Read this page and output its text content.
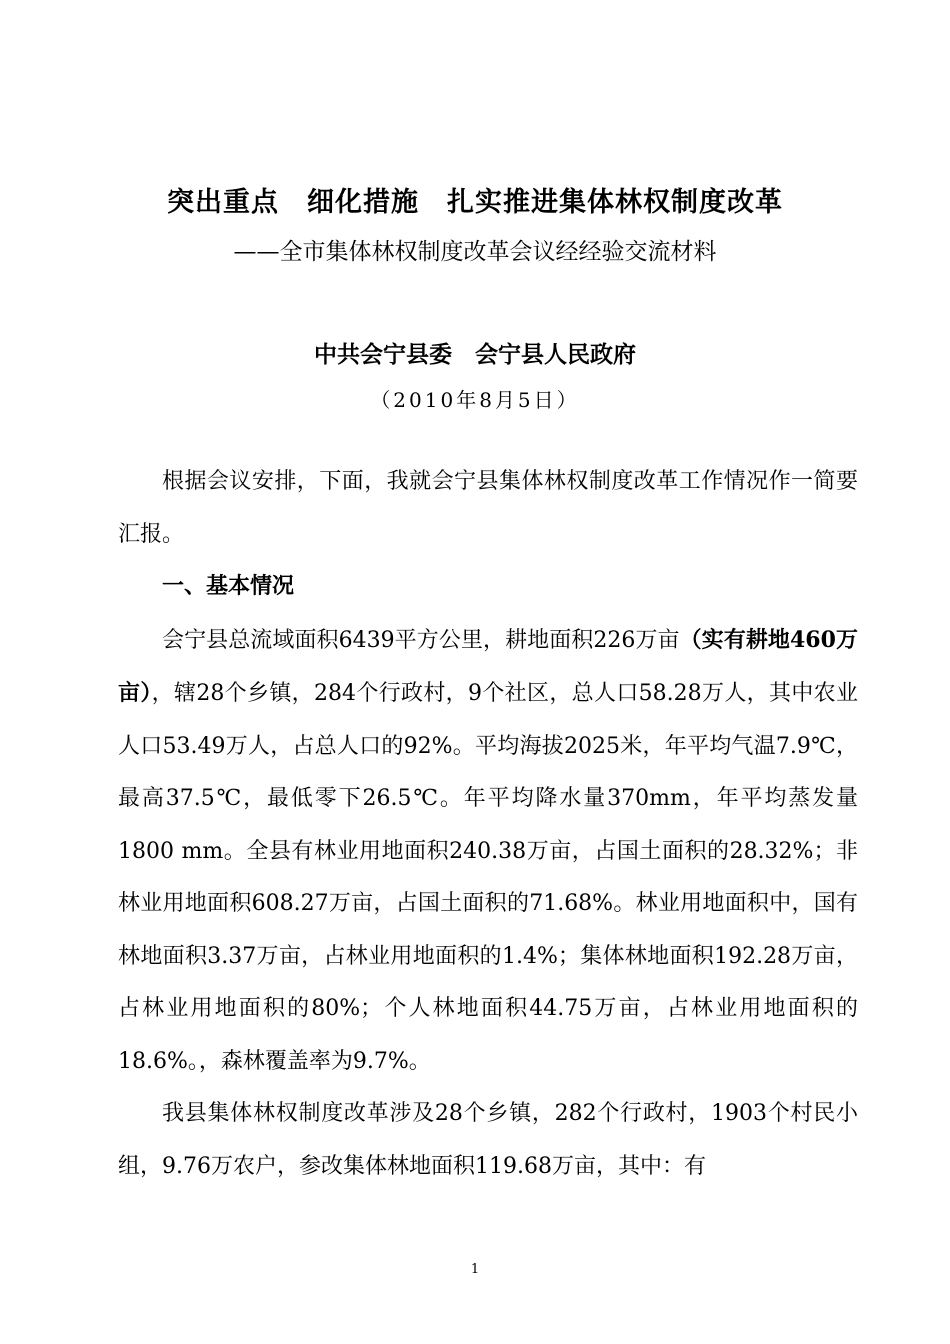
突出重点　细化措施　扎实推进集体林权制度改革
——全市集体林权制度改革会议经经验交流材料
中共会宁县委　会宁县人民政府
（2010年8月5日）

根据会议安排，下面，我就会宁县集体林权制度改革工作情况作一简要汇报。

一、基本情况

会宁县总流域面积6439平方公里，耕地面积226万亩（实有耕地460万亩），辖28个乡镇，284个行政村，9个社区，总人口58.28万人，其中农业人口53.49万人，占总人口的92%。平均海拔2025米，年平均气温7.9℃，最高37.5℃，最低零下26.5℃。年平均降水量370mm，年平均蒸发量1800 mm。全县有林业用地面积240.38万亩，占国土面积的28.32%；非林业用地面积608.27万亩，占国土面积的71.68%。林业用地面积中，国有林地面积3.37万亩，占林业用地面积的1.4%；集体林地面积192.28万亩，占林业用地面积的80%；个人林地面积44.75万亩，占林业用地面积的18.6%。，森林覆盖率为9.7%。

我县集体林权制度改革涉及28个乡镇，282个行政村，1903个村民小组，9.76万农户，参改集体林地面积119.68万亩，其中：有

1
